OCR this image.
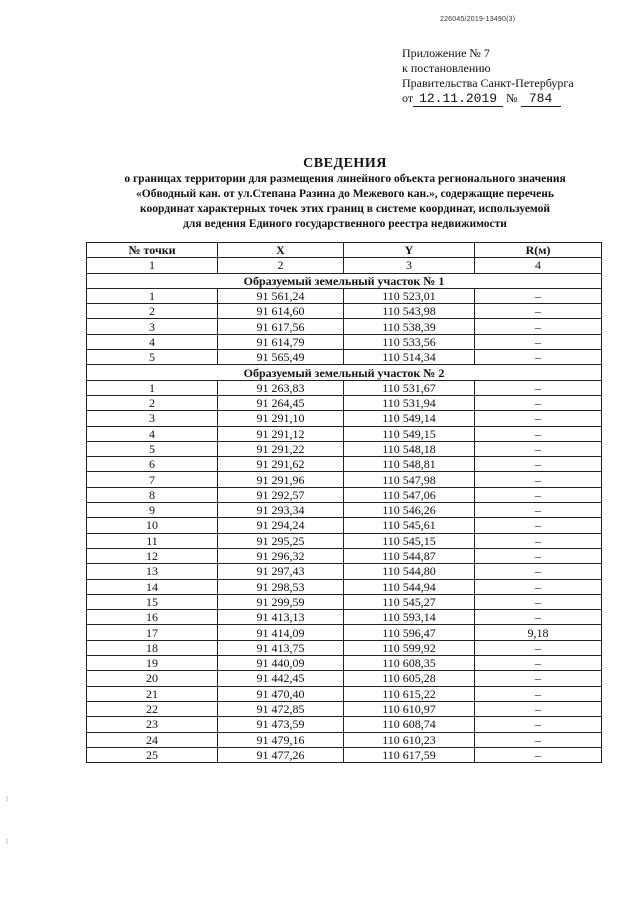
226045/2019-13490(3)
Приложение № 7
к постановлению
Правительства Санкт-Петербурга
от 12.11.2019 № 784
СВЕДЕНИЯ
о границах территории для размещения линейного объекта регионального значения
«Обводный кан. от ул.Степана Разина до Межевого кан.», содержащие перечень
координат характерных точек этих границ в системе координат, используемой
для ведения Единого государственного реестра недвижимости
№ точки	X	Y	R(м)
1	2	3	4
Образуемый земельный участок № 1			
1	91 561,24	110 523,01	–
2	91 614,60	110 543,98	–
3	91 617,56	110 538,39	–
4	91 614,79	110 533,56	–
5	91 565,49	110 514,34	–
Образуемый земельный участок № 2			
1	91 263,83	110 531,67	–
2	91 264,45	110 531,94	–
3	91 291,10	110 549,14	–
4	91 291,12	110 549,15	–
5	91 291,22	110 548,18	–
6	91 291,62	110 548,81	–
7	91 291,96	110 547,98	–
8	91 292,57	110 547,06	–
9	91 293,34	110 546,26	–
10	91 294,24	110 545,61	–
11	91 295,25	110 545,15	–
12	91 296,32	110 544,87	–
13	91 297,43	110 544,80	–
14	91 298,53	110 544,94	–
15	91 299,59	110 545,27	–
16	91 413,13	110 593,14	–
17	91 414,09	110 596,47	9,18
18	91 413,75	110 599,92	–
19	91 440,09	110 608,35	–
20	91 442,45	110 605,28	–
21	91 470,40	110 615,22	–
22	91 472,85	110 610,97	–
23	91 473,59	110 608,74	–
24	91 479,16	110 610,23	–
25	91 477,26	110 617,59	–
⁞
⁞
